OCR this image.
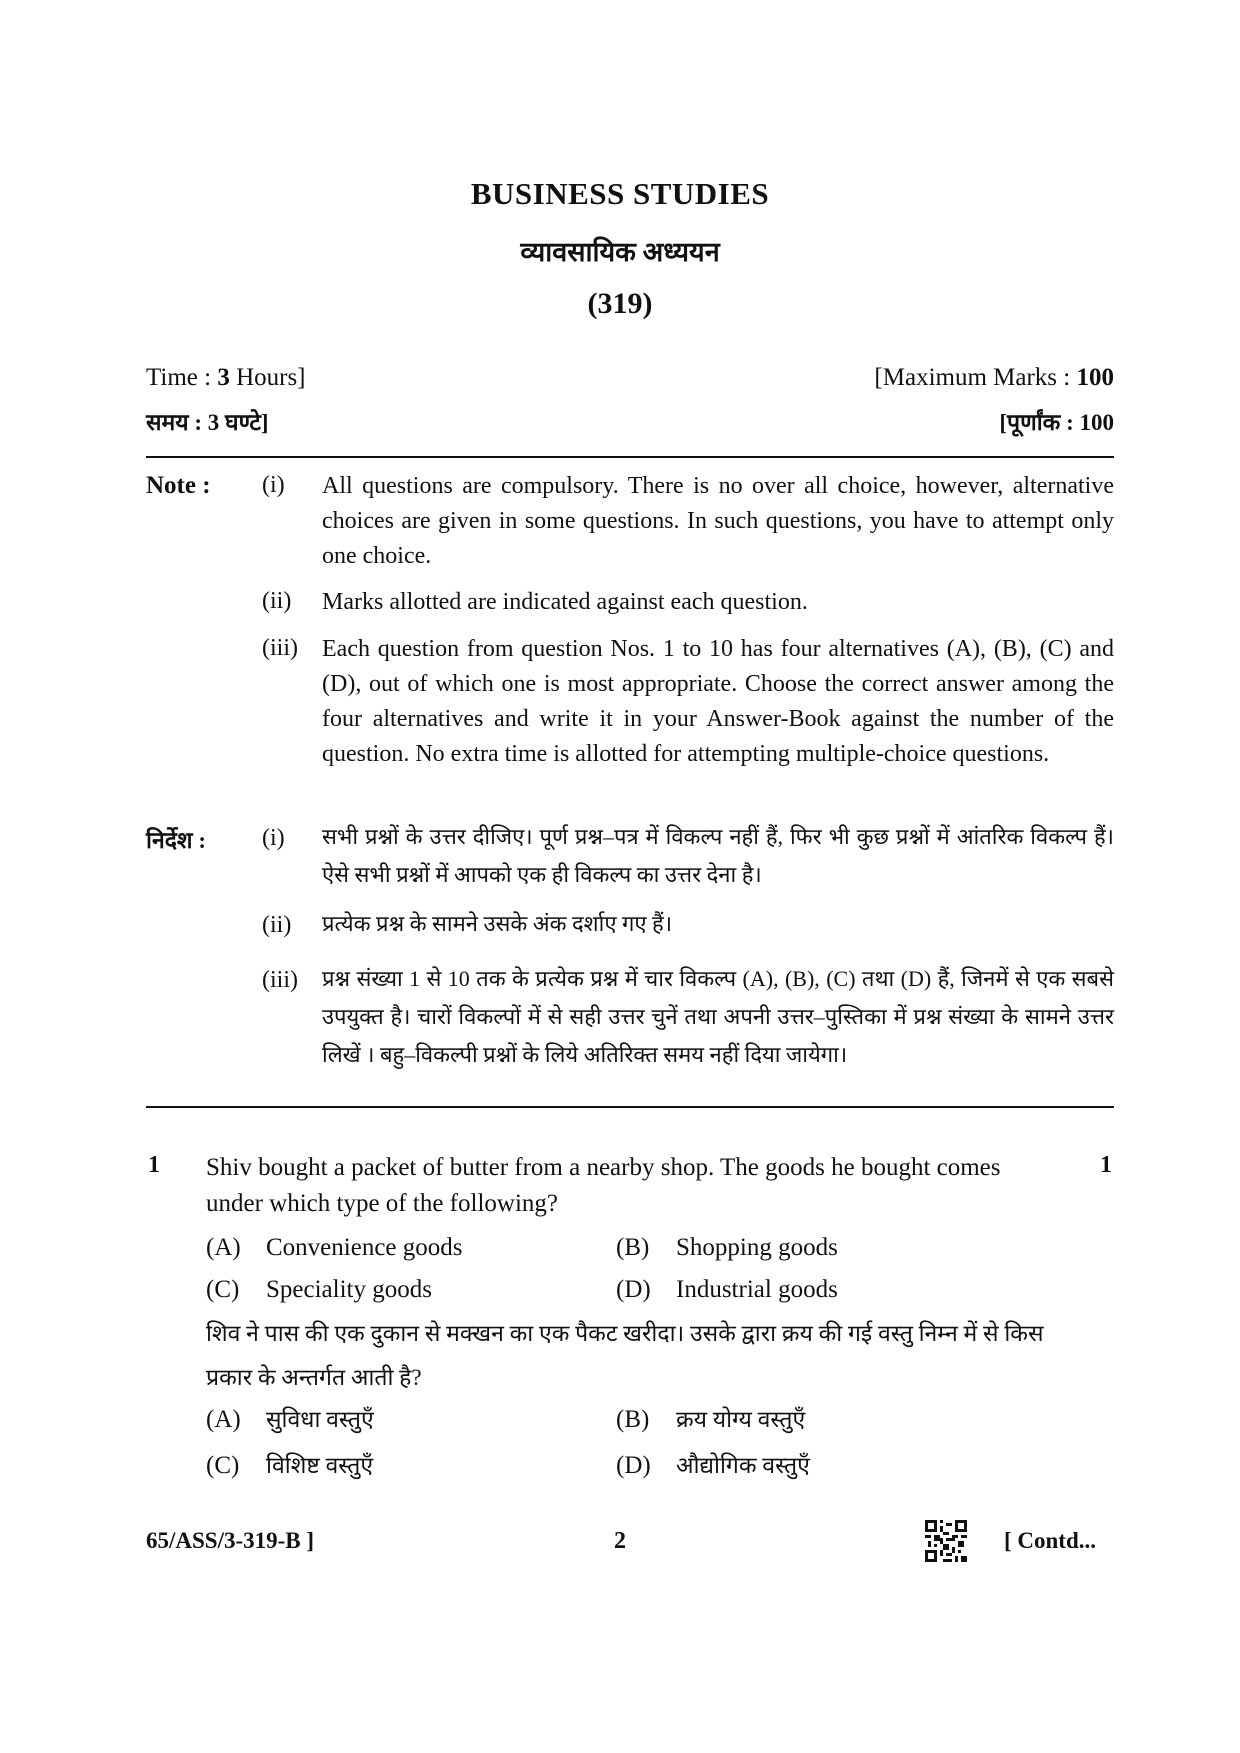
BUSINESS STUDIES
व्यावसायिक अध्ययन
(319)
Time : 3 Hours]
समय : 3 घण्टे]
[Maximum Marks : 100
[पूर्णांक : 100
Note : (i) All questions are compulsory. There is no over all choice, however, alternative choices are given in some questions. In such questions, you have to attempt only one choice.
(ii) Marks allotted are indicated against each question.
(iii) Each question from question Nos. 1 to 10 has four alternatives (A), (B), (C) and (D), out of which one is most appropriate. Choose the correct answer among the four alternatives and write it in your Answer-Book against the number of the question. No extra time is allotted for attempting multiple-choice questions.
निर्देश : (i) सभी प्रश्नों के उत्तर दीजिए। पूर्ण प्रश्न–पत्र में विकल्प नहीं हैं, फिर भी कुछ प्रश्नों में आंतरिक विकल्प हैं। ऐसे सभी प्रश्नों में आपको एक ही विकल्प का उत्तर देना है।
(ii) प्रत्येक प्रश्न के सामने उसके अंक दर्शाए गए हैं।
(iii) प्रश्न संख्या 1 से 10 तक के प्रत्येक प्रश्न में चार विकल्प (A), (B), (C) तथा (D) हैं, जिनमें से एक सबसे उपयुक्त है। चारों विकल्पों में से सही उत्तर चुनें तथा अपनी उत्तर–पुस्तिका में प्रश्न संख्या के सामने उत्तर लिखें । बहु–विकल्पी प्रश्नों के लिये अतिरिक्त समय नहीं दिया जायेगा।
1	1
Shiv bought a packet of butter from a nearby shop. The goods he bought comes under which type of the following?
(A) Convenience goods	(B) Shopping goods
(C) Speciality goods	(D) Industrial goods
शिव ने पास की एक दुकान से मक्खन का एक पैकट खरीदा। उसके द्वारा क्रय की गई वस्तु निम्न में से किस प्रकार के अन्तर्गत आती है?
(A) सुविधा वस्तुएँ	(B) क्रय योग्य वस्तुएँ
(C) विशिष्ट वस्तुएँ	(D) औद्योगिक वस्तुएँ
65/ASS/3-319-B ]	2	[ Contd...
